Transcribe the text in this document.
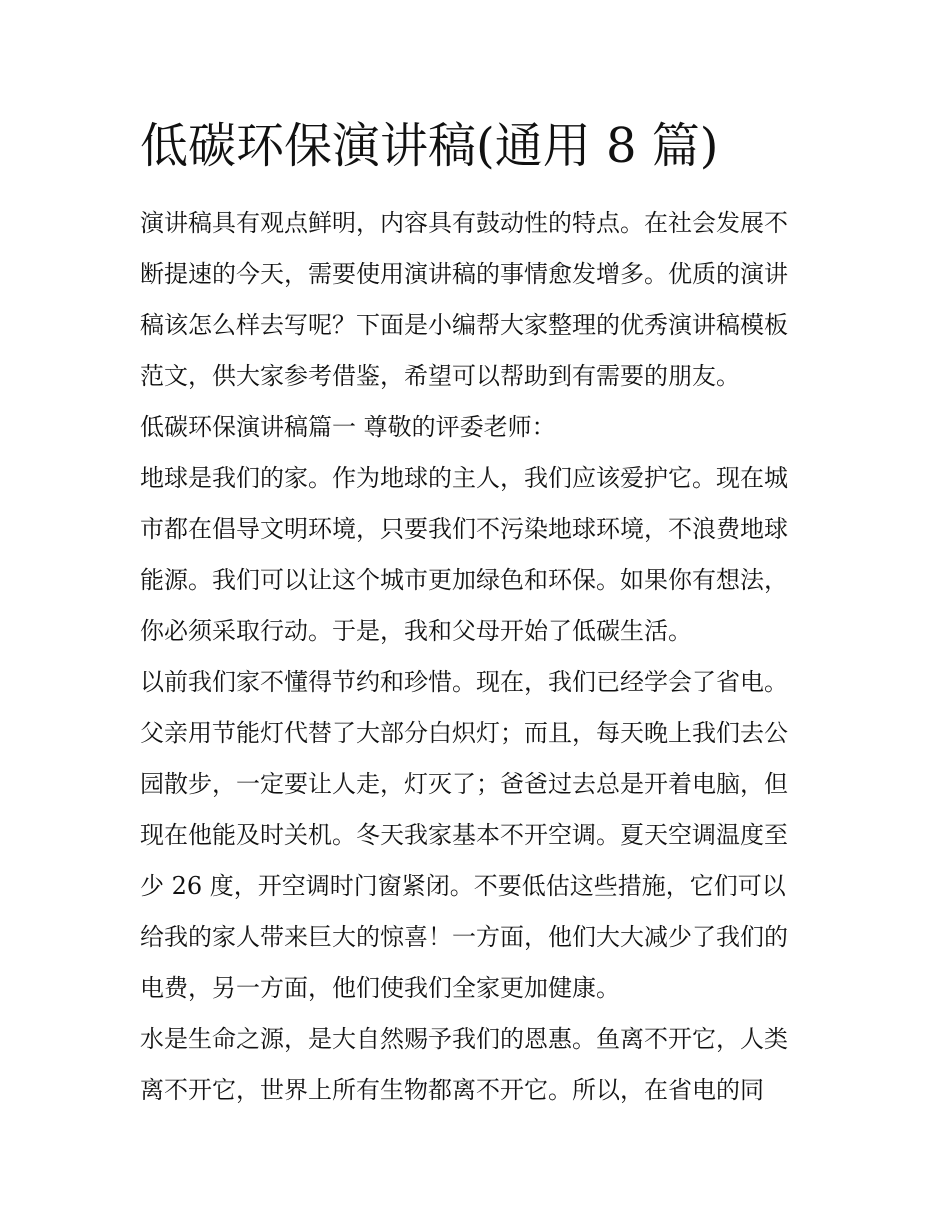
低碳环保演讲稿(通用 8 篇)
演讲稿具有观点鲜明，内容具有鼓动性的特点。在社会发展不
断提速的今天，需要使用演讲稿的事情愈发增多。优质的演讲
稿该怎么样去写呢？下面是小编帮大家整理的优秀演讲稿模板
范文，供大家参考借鉴，希望可以帮助到有需要的朋友。
低碳环保演讲稿篇一 尊敬的评委老师：
地球是我们的家。作为地球的主人，我们应该爱护它。现在城
市都在倡导文明环境，只要我们不污染地球环境，不浪费地球
能源。我们可以让这个城市更加绿色和环保。如果你有想法，
你必须采取行动。于是，我和父母开始了低碳生活。
以前我们家不懂得节约和珍惜。现在，我们已经学会了省电。
父亲用节能灯代替了大部分白炽灯；而且，每天晚上我们去公
园散步，一定要让人走，灯灭了；爸爸过去总是开着电脑，但
现在他能及时关机。冬天我家基本不开空调。夏天空调温度至
少 26 度，开空调时门窗紧闭。不要低估这些措施，它们可以
给我的家人带来巨大的惊喜！一方面，他们大大减少了我们的
电费，另一方面，他们使我们全家更加健康。
水是生命之源，是大自然赐予我们的恩惠。鱼离不开它，人类
离不开它，世界上所有生物都离不开它。所以，在省电的同
